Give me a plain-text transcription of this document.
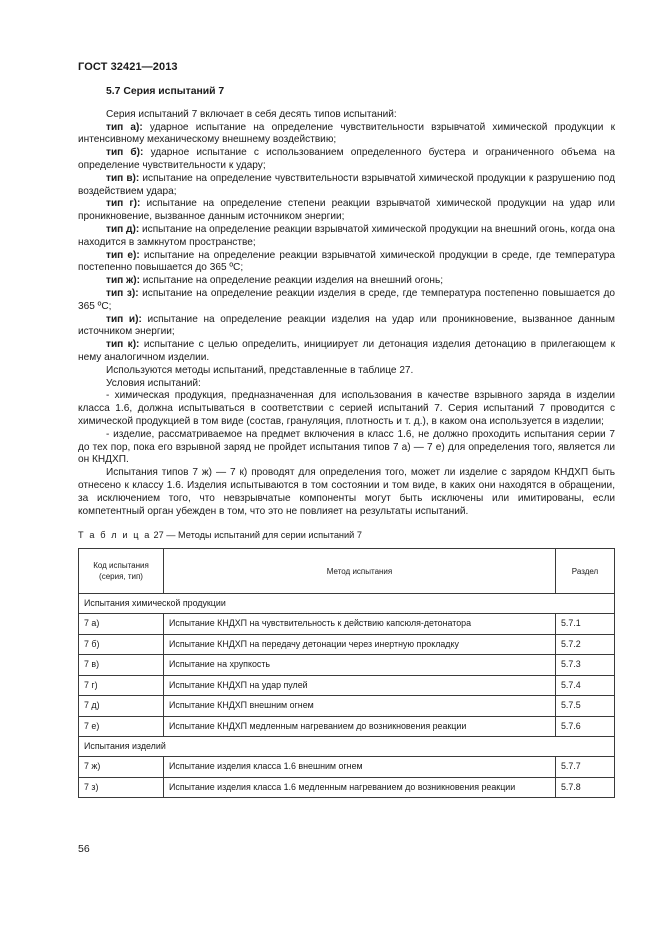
ГОСТ 32421—2013
5.7 Серия испытаний 7

Серия испытаний 7 включает в себя десять типов испытаний:

тип а): ударное испытание на определение чувствительности взрывчатой химической продукции к интенсивному механическому внешнему воздействию;

тип б): ударное испытание с использованием определенного бустера и ограниченного объема на определение чувствительности к удару;

тип в): испытание на определение чувствительности взрывчатой химической продукции к разрушению под воздействием удара;

тип г): испытание на определение степени реакции взрывчатой химической продукции на удар или проникновение, вызванное данным источником энергии;

тип д): испытание на определение реакции взрывчатой химической продукции на внешний огонь, когда она находится в замкнутом пространстве;

тип е): испытание на определение реакции взрывчатой химической продукции в среде, где температура постепенно повышается до 365 ºС;

тип ж): испытание на определение реакции изделия на внешний огонь;

тип з): испытание на определение реакции изделия в среде, где температура постепенно повышается до 365 ºС;

тип и): испытание на определение реакции изделия на удар или проникновение, вызванное данным источником энергии;

тип к): испытание с целью определить, инициирует ли детонация изделия детонацию в прилегающем к нему аналогичном изделии.

Используются методы испытаний, представленные в таблице 27.

Условия испытаний:

- химическая продукция, предназначенная для использования в качестве взрывного заряда в изделии класса 1.6, должна испытываться в соответствии с серией испытаний 7. Серия испытаний 7 проводится с химической продукцией в том виде (состав, грануляция, плотность и т. д.), в каком она используется в изделии;

- изделие, рассматриваемое на предмет включения в класс 1.6, не должно проходить испытания серии 7 до тех пор, пока его взрывной заряд не пройдет испытания типов 7 а) — 7 е) для определения того, является ли он КНДХП.

Испытания типов 7 ж) — 7 к) проводят для определения того, может ли изделие с зарядом КНДХП быть отнесено к классу 1.6. Изделия испытываются в том состоянии и том виде, в каких они находятся в обращении, за исключением того, что невзрывчатые компоненты могут быть исключены или имитированы, если компетентный орган убежден в том, что это не повлияет на результаты испытаний.

Т а б л и ц а 27 — Методы испытаний для серии испытаний 7
Код испытания (серия, тип)	Метод испытания	Раздел
Испытания химической продукции		
7 а)	Испытание КНДХП на чувствительность к действию капсюля-детонатора	5.7.1
7 б)	Испытание КНДХП на передачу детонации через инертную прокладку	5.7.2
7 в)	Испытание на хрупкость	5.7.3
7 г)	Испытание КНДХП на удар пулей	5.7.4
7 д)	Испытание КНДХП внешним огнем	5.7.5
7 е)	Испытание КНДХП медленным нагреванием до возникновения реакции	5.7.6
Испытания изделий		
7 ж)	Испытание изделия класса 1.6 внешним огнем	5.7.7
7 з)	Испытание изделия класса 1.6 медленным нагреванием до возникновения реакции	5.7.8
56
